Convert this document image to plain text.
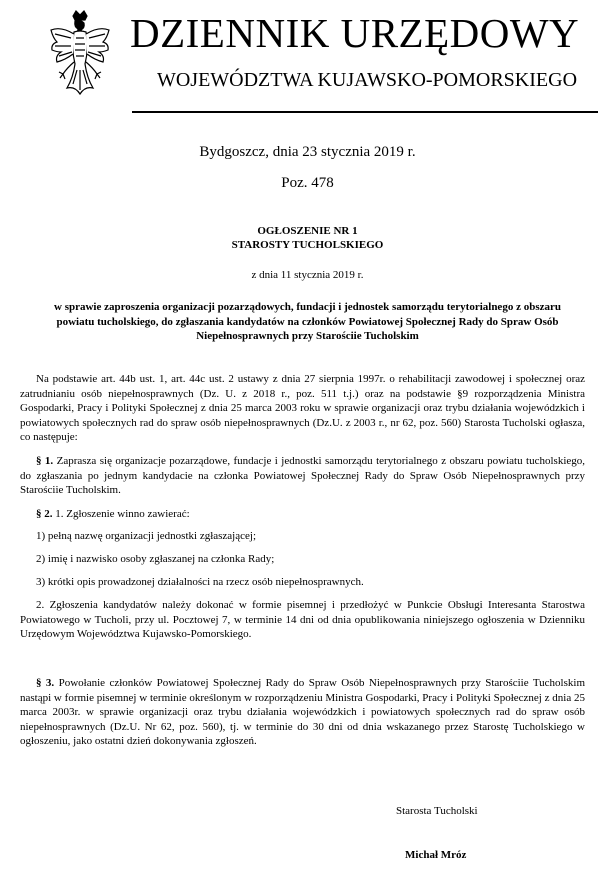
DZIENNIK URZĘDOWY
WOJEWÓDZTWA KUJAWSKO-POMORSKIEGO
Bydgoszcz, dnia 23 stycznia 2019 r.
Poz. 478
OGŁOSZENIE NR 1
STAROSTY TUCHOLSKIEGO
z dnia 11 stycznia 2019 r.
w sprawie zaproszenia organizacji pozarządowych, fundacji i jednostek samorządu terytorialnego z obszaru powiatu tucholskiego, do zgłaszania kandydatów na członków Powiatowej Społecznej Rady do Spraw Osób Niepełnosprawnych przy Starościie Tucholskim

Na podstawie art. 44b ust. 1, art. 44c ust. 2 ustawy z dnia 27 sierpnia 1997r. o rehabilitacji zawodowej i społecznej oraz zatrudnianiu osób niepełnosprawnych (Dz. U. z 2018 r., poz. 511 t.j.) oraz na podstawie §9 rozporządzenia Ministra Gospodarki, Pracy i Polityki Społecznej z dnia 25 marca 2003 roku w sprawie organizacji oraz trybu działania wojewódzkich i powiatowych społecznych rad do spraw osób niepełnosprawnych (Dz.U. z 2003 r., nr 62, poz. 560) Starosta Tucholski ogłasza, co następuje:

§ 1. Zaprasza się organizacje pozarządowe, fundacje i jednostki samorządu terytorialnego z obszaru powiatu tucholskiego, do zgłaszania po jednym kandydacie na członka Powiatowej Społecznej Rady do Spraw Osób Niepełnosprawnych przy Starościie Tucholskim.

§ 2. 1. Zgłoszenie winno zawierać:

1) pełną nazwę organizacji jednostki zgłaszającej;

2) imię i nazwisko osoby zgłaszanej na członka Rady;

3) krótki opis prowadzonej działalności na rzecz osób niepełnosprawnych.

2. Zgłoszenia kandydatów należy dokonać w formie pisemnej i przedłożyć w Punkcie Obsługi Interesanta Starostwa Powiatowego w Tucholi, przy ul. Pocztowej 7, w terminie 14 dni od dnia opublikowania niniejszego ogłoszenia w Dzienniku Urzędowym Województwa Kujawsko-Pomorskiego.

§ 3. Powołanie członków Powiatowej Społecznej Rady do Spraw Osób Niepełnosprawnych przy Starościie Tucholskim nastąpi w formie pisemnej w terminie określonym w rozporządzeniu Ministra Gospodarki, Pracy i Polityki Społecznej z dnia 25 marca 2003r. w sprawie organizacji oraz trybu działania wojewódzkich i powiatowych społecznych rad do spraw osób niepełnosprawnych (Dz.U. Nr 62, poz. 560), tj. w terminie do 30 dni od dnia wskazanego przez Starostę Tucholskiego w ogłoszeniu, jako ostatni dzień dokonywania zgłoszeń.

Starosta Tucholski
Michał Mróz
